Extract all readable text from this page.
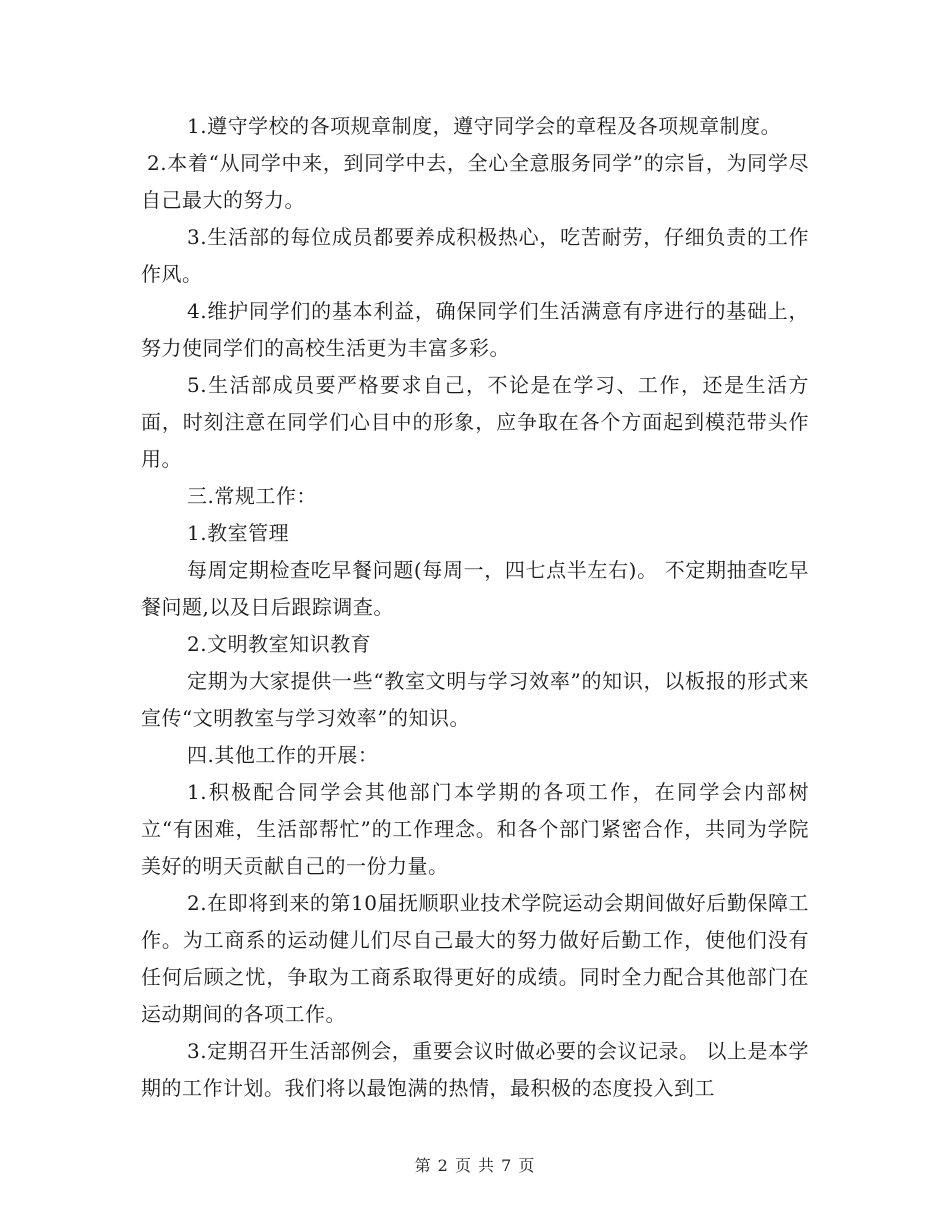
1.遵守学校的各项规章制度，遵守同学会的章程及各项规章制度。

2.本着“从同学中来，到同学中去，全心全意服务同学”的宗旨，为同学尽自己最大的努力。

3.生活部的每位成员都要养成积极热心，吃苦耐劳，仔细负责的工作作风。

4.维护同学们的基本利益，确保同学们生活满意有序进行的基础上，努力使同学们的高校生活更为丰富多彩。

5.生活部成员要严格要求自己，不论是在学习、工作，还是生活方面，时刻注意在同学们心目中的形象，应争取在各个方面起到模范带头作用。

三.常规工作：

1.教室管理

每周定期检查吃早餐问题(每周一，四七点半左右)。 不定期抽查吃早餐问题,以及日后跟踪调查。

2.文明教室知识教育

定期为大家提供一些“教室文明与学习效率”的知识，以板报的形式来宣传“文明教室与学习效率”的知识。

四.其他工作的开展：

1.积极配合同学会其他部门本学期的各项工作，在同学会内部树立“有困难，生活部帮忙”的工作理念。和各个部门紧密合作，共同为学院美好的明天贡献自己的一份力量。

2.在即将到来的第10届抚顺职业技术学院运动会期间做好后勤保障工作。为工商系的运动健儿们尽自己最大的努力做好后勤工作，使他们没有任何后顾之忧，争取为工商系取得更好的成绩。同时全力配合其他部门在运动期间的各项工作。

3.定期召开生活部例会，重要会议时做必要的会议记录。 以上是本学期的工作计划。我们将以最饱满的热情，最积极的态度投入到工

第 2 页 共 7 页
